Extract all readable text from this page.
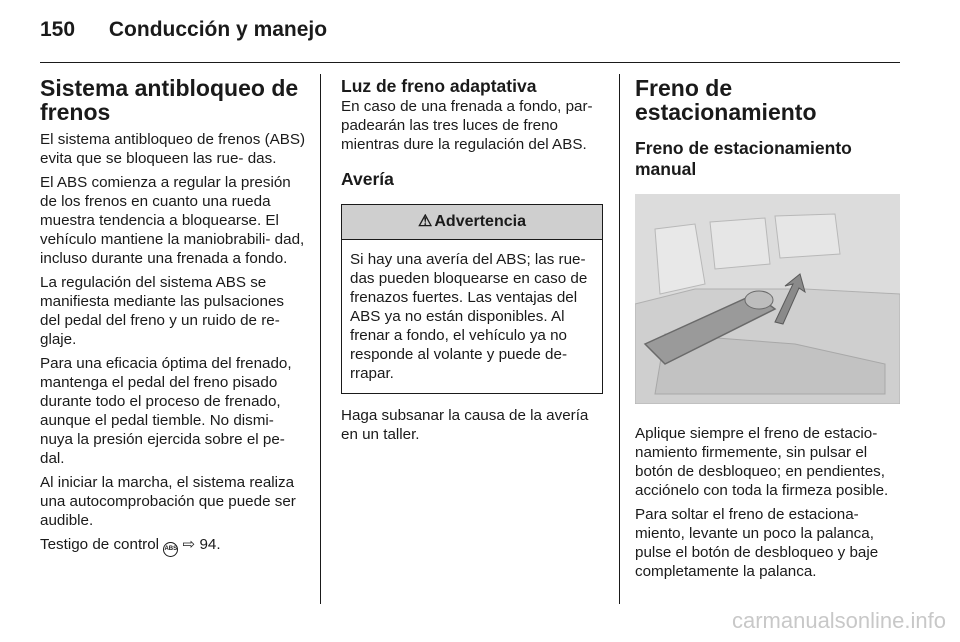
150 Conducción y manejo
Sistema antibloqueo de frenos

El sistema antibloqueo de frenos (ABS) evita que se bloqueen las rue- das.

El ABS comienza a regular la presión de los frenos en cuanto una rueda muestra tendencia a bloquearse. El vehículo mantiene la maniobrabili- dad, incluso durante una frenada a fondo.

La regulación del sistema ABS se manifiesta mediante las pulsaciones del pedal del freno y un ruido de re- glaje.

Para una eficacia óptima del frenado, mantenga el pedal del freno pisado durante todo el proceso de frenado, aunque el pedal tiemble. No dismi- nuya la presión ejercida sobre el pe- dal.

Al iniciar la marcha, el sistema realiza una autocomprobación que puede ser audible.

Testigo de control ABS ⇨ 94.

Luz de freno adaptativa

En caso de una frenada a fondo, par- padearán las tres luces de freno mientras dure la regulación del ABS.

Avería
⚠ Advertencia
Si hay una avería del ABS; las rue- das pueden bloquearse en caso de frenazos fuertes. Las ventajas del ABS ya no están disponibles. Al frenar a fondo, el vehículo ya no responde al volante y puede de- rrapar.

Haga subsanar la causa de la avería en un taller.

Freno de estacionamiento
Freno de estacionamiento manual

Aplique siempre el freno de estacio- namiento firmemente, sin pulsar el botón de desbloqueo; en pendientes, acciónelo con toda la firmeza posible.

Para soltar el freno de estaciona- miento, levante un poco la palanca, pulse el botón de desbloqueo y baje completamente la palanca.

carmanualsonline.info
